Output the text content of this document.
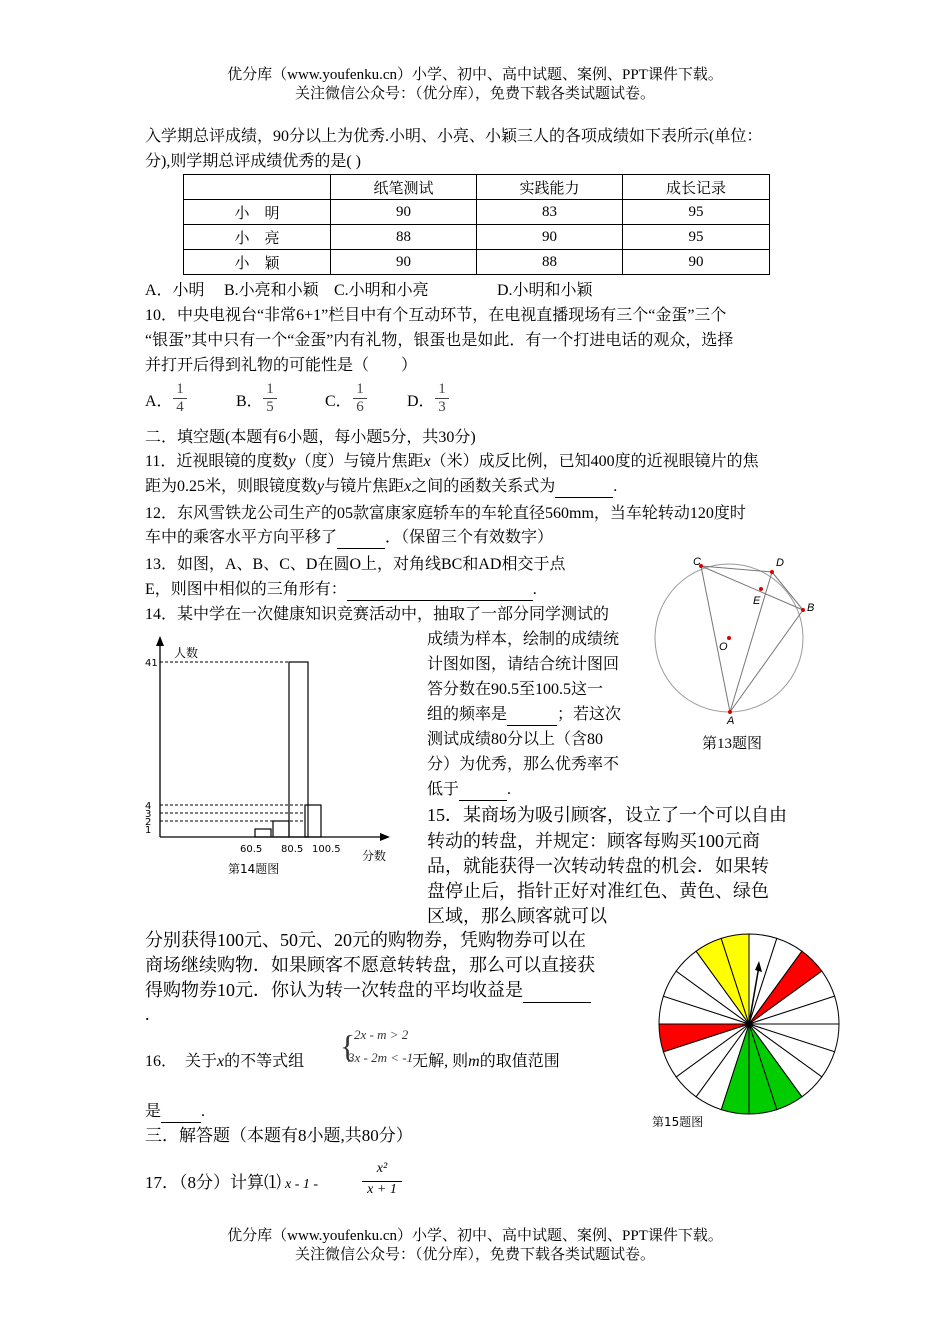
优分库（www.youfenku.cn）小学、初中、高中试题、案例、PPT课件下载。
关注微信公众号：（优分库），免费下载各类试题试卷。
入学期总评成绩，90分以上为优秀.小明、小亮、小颖三人的各项成绩如下表所示(单位：
分),则学期总评成绩优秀的是( )
	纸笔测试	实践能力	成长记录
小　明	90	83	95
小　亮	88	90	95
小　颖	90	88	90
A．小明 B.小亮和小颖 C.小明和小亮	D.小明和小颖
10．中央电视台“非常6+1”栏目中有个互动环节，在电视直播现场有三个“金蛋”三个
“银蛋”其中只有一个“金蛋”内有礼物，银蛋也是如此．有一个打进电话的观众，选择
并打开后得到礼物的可能性是（　　）
A． $\frac{1}{4}$	B． $\frac{1}{5}$	C． $\frac{1}{6}$	D． $\frac{1}{3}$
二．填空题(本题有6小题，每小题5分，共30分)
11．近视眼镜的度数y（度）与镜片焦距x（米）成反比例，已知400度的近视眼镜片的焦
距为0.25米，则眼镜度数y与镜片焦距x之间的函数关系式为	.
12．东风雪铁龙公司生产的05款富康家庭轿车的车轮直径560mm，当车轮转动120度时
车中的乘客水平方向平移了	．（保留三个有效数字）
13．如图，A、B、C、D在圆O上，对角线BC和AD相交于点
E，则图中相似的三角形有：	.
C	D
B
A
E
O
第13题图
14．某中学在一次健康知识竞赛活动中，抽取了一部分同学测试的
成绩为样本，绘制的成绩统
计图如图，请结合统计图回
答分数在90.5至100.5这一
组的频率是	；若这次
测试成绩80分以上（含80
分）为优秀，那么优秀率不
低于	.
人数
分数
第14题图
41
4
3
2
1
60.5 80.5 100.5
15．某商场为吸引顾客，设立了一个可以自由
转动的转盘，并规定：顾客每购买100元商
品，就能获得一次转动转盘的机会．如果转
盘停止后，指针正好对准红色、黄色、绿色
区域，那么顾客就可以
分别获得100元、50元、20元的购物券，凭购物券可以在
商场继续购物．如果顾客不愿意转转盘，那么可以直接获
得购物券10元．你认为转一次转盘的平均收益是
.
第15题图
16．　关于x的不等式组	无解, 则m的取值范围
{
2x - m > 2
3x - 2m < -1
是	.
三．解答题（本题有8小题,共80分）
17．（8分）计算⑴ x - 1 -	$\frac{\text{x²}}{x + 1}$
优分库（www.youfenku.cn）小学、初中、高中试题、案例、PPT课件下载。
关注微信公众号：（优分库），免费下载各类试题试卷。
